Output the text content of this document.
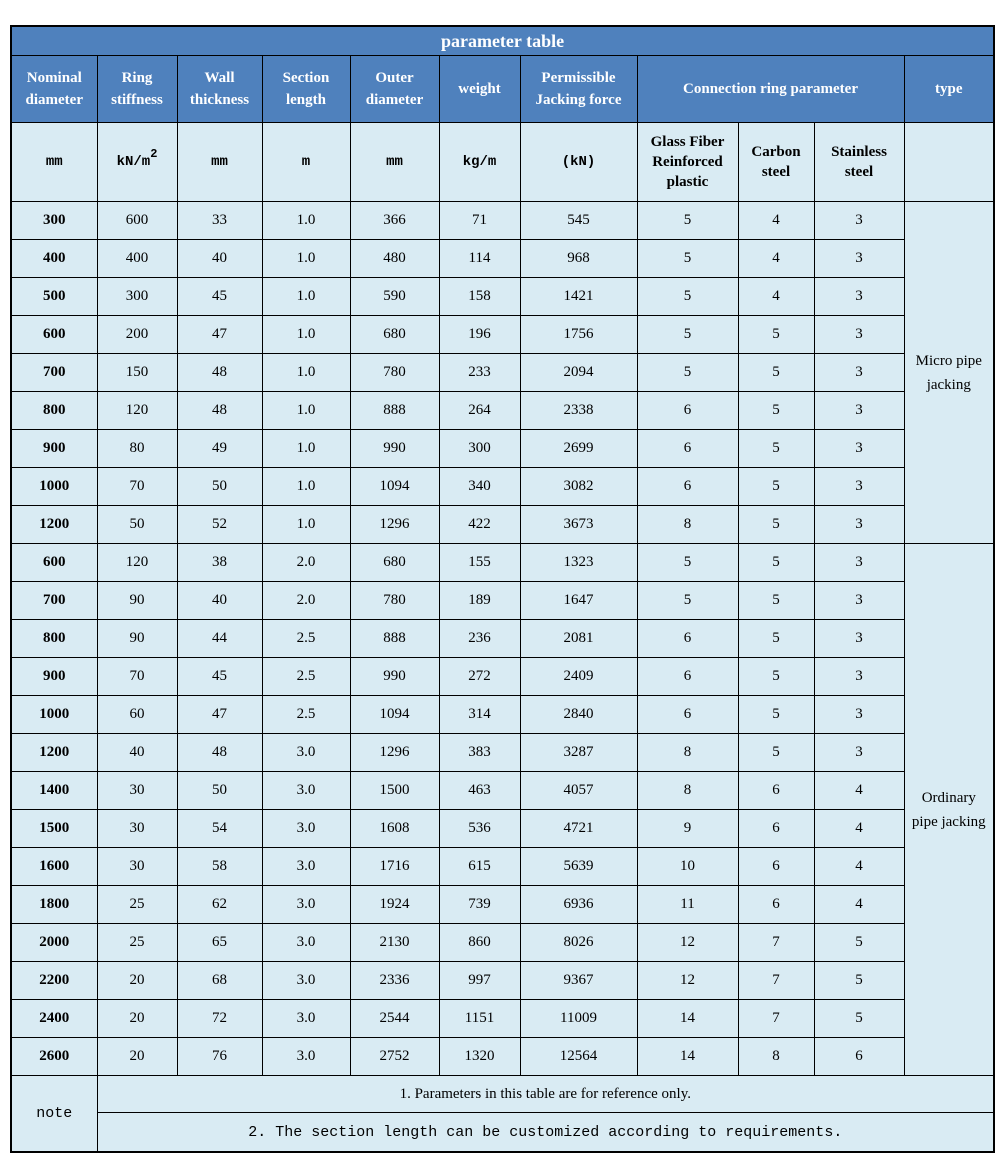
parameter table										
Nominal diameter	Ring stiffness	Wall thickness	Section length	Outer diameter	weight	Permissible Jacking force	Connection ring parameter			type
mm	kN/m2	mm	m	mm	kg/m	(kN)	Glass Fiber Reinforced plastic	Carbon steel	Stainless steel	
300	600	33	1.0	366	71	545	5	4	3	Micro pipe jacking
400	400	40	1.0	480	114	968	5	4	3	
500	300	45	1.0	590	158	1421	5	4	3	
600	200	47	1.0	680	196	1756	5	5	3	
700	150	48	1.0	780	233	2094	5	5	3	
800	120	48	1.0	888	264	2338	6	5	3	
900	80	49	1.0	990	300	2699	6	5	3	
1000	70	50	1.0	1094	340	3082	6	5	3	
1200	50	52	1.0	1296	422	3673	8	5	3	
600	120	38	2.0	680	155	1323	5	5	3	Ordinary pipe jacking
700	90	40	2.0	780	189	1647	5	5	3	
800	90	44	2.5	888	236	2081	6	5	3	
900	70	45	2.5	990	272	2409	6	5	3	
1000	60	47	2.5	1094	314	2840	6	5	3	
1200	40	48	3.0	1296	383	3287	8	5	3	
1400	30	50	3.0	1500	463	4057	8	6	4	
1500	30	54	3.0	1608	536	4721	9	6	4	
1600	30	58	3.0	1716	615	5639	10	6	4	
1800	25	62	3.0	1924	739	6936	11	6	4	
2000	25	65	3.0	2130	860	8026	12	7	5	
2200	20	68	3.0	2336	997	9367	12	7	5	
2400	20	72	3.0	2544	1151	11009	14	7	5	
2600	20	76	3.0	2752	1320	12564	14	8	6	
note	1. Parameters in this table are for reference only.									
	2. The section length can be customized according to requirements.									
